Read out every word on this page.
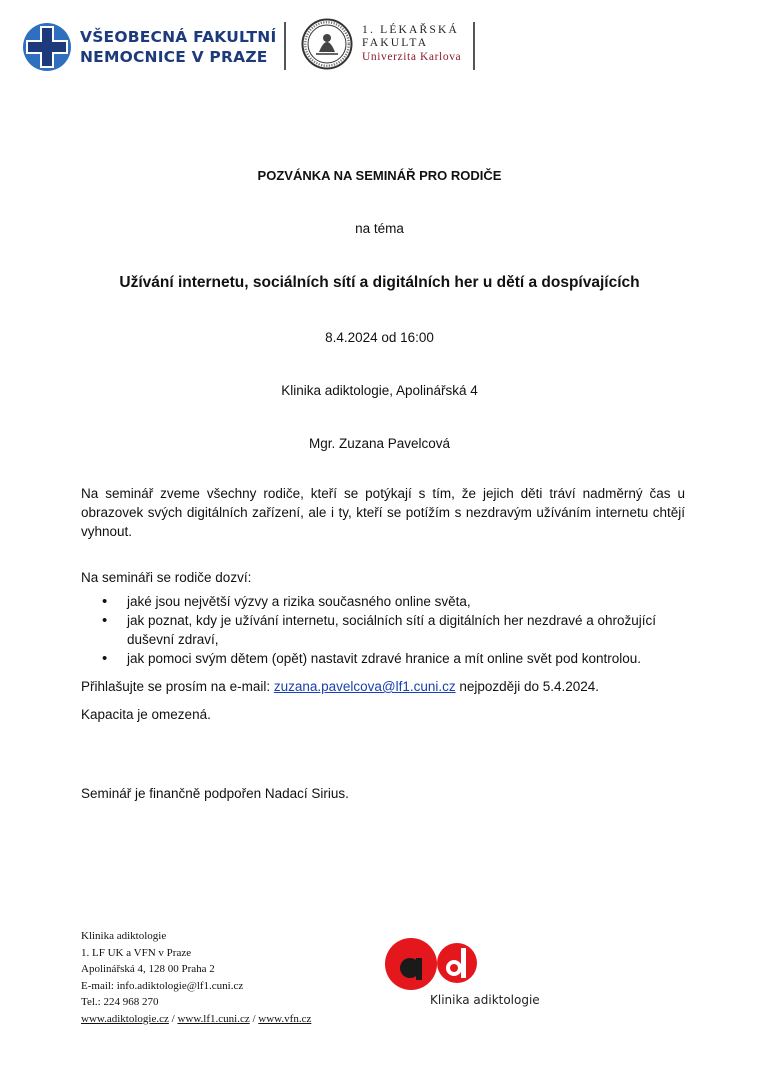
VŠEOBECNÁ FAKULTNÍ
NEMOCNICE V PRAZE
1. LÉKAŘSKÁ
FAKULTA
Univerzita Karlova
POZVÁNKA NA SEMINÁŘ PRO RODIČE
na téma
Užívání internetu, sociálních sítí a digitálních her u dětí a dospívajících
8.4.2024 od 16:00
Klinika adiktologie, Apolinářská 4
Mgr. Zuzana Pavelcová
Na seminář zveme všechny rodiče, kteří se potýkají s tím, že jejich děti tráví nadměrný čas u obrazovek svých digitálních zařízení, ale i ty, kteří se potížím s nezdravým užíváním internetu chtějí vyhnout.
Na semináři se rodiče dozví:
• jaké jsou největší výzvy a rizika současného online světa,
• jak poznat, kdy je užívání internetu, sociálních sítí a digitálních her nezdravé a ohrožující duševní zdraví,
• jak pomoci svým dětem (opět) nastavit zdravé hranice a mít online svět pod kontrolou.
Přihlašujte se prosím na e-mail: zuzana.pavelcova@lf1.cuni.cz nejpozději do 5.4.2024.
Kapacita je omezená.
Seminář je finančně podpořen Nadací Sirius.
Klinika adiktologie
1. LF UK a VFN v Praze
Apolinářská 4, 128 00 Praha 2
E-mail: info.adiktologie@lf1.cuni.cz
Tel.: 224 968 270
www.adiktologie.cz / www.lf1.cuni.cz / www.vfn.cz
Klinika adiktologie
